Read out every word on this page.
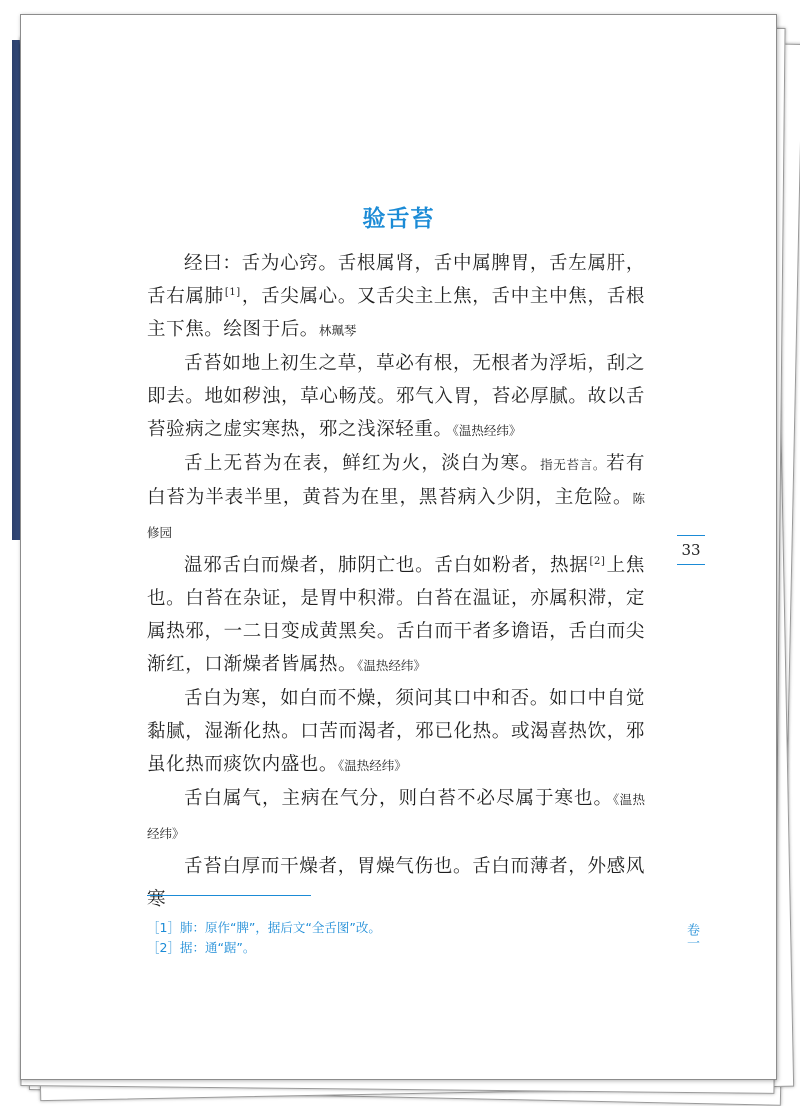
验舌苔

经曰：舌为心窍。舌根属肾，舌中属脾胃，舌左属肝，舌右属肺[1]，舌尖属心。又舌尖主上焦，舌中主中焦，舌根主下焦。绘图于后。林珮琴

舌苔如地上初生之草，草必有根，无根者为浮垢，刮之即去。地如秽浊，草心畅茂。邪气入胃，苔必厚腻。故以舌苔验病之虚实寒热，邪之浅深轻重。《温热经纬》

舌上无苔为在表，鲜红为火，淡白为寒。指无苔言。若有白苔为半表半里，黄苔为在里，黑苔病入少阴，主危险。陈修园

温邪舌白而燥者，肺阴亡也。舌白如粉者，热据[2]上焦也。白苔在杂证，是胃中积滞。白苔在温证，亦属积滞，定属热邪，一二日变成黄黑矣。舌白而干者多谵语，舌白而尖渐红，口渐燥者皆属热。《温热经纬》

舌白为寒，如白而不燥，须问其口中和否。如口中自觉黏腻，湿渐化热。口苦而渴者，邪已化热。或渴喜热饮，邪虽化热而痰饮内盛也。《温热经纬》

舌白属气，主病在气分，则白苔不必尽属于寒也。《温热经纬》

舌苔白厚而干燥者，胃燥气伤也。舌白而薄者，外感风寒

［1］肺：原作“脾”，据后文“全舌图”改。
［2］据：通“踞”。
33
卷一
